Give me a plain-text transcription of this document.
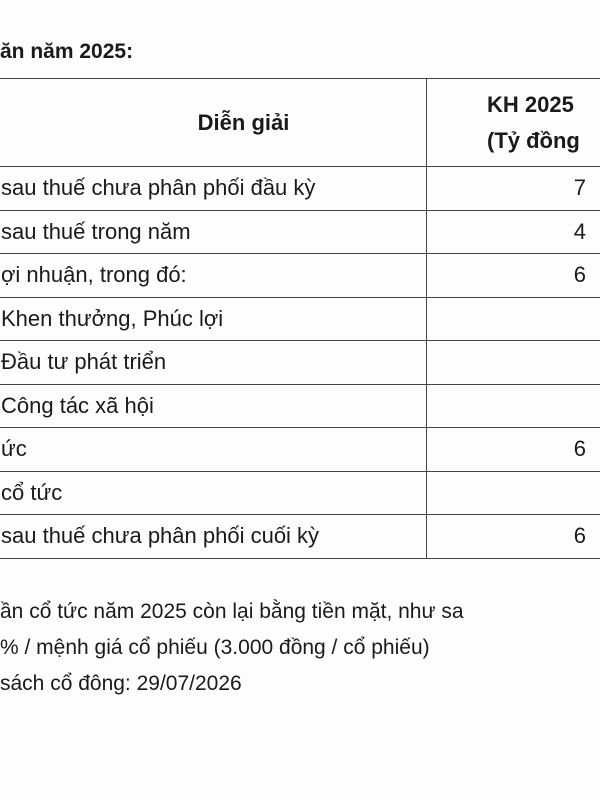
ăn năm 2025:
Diễn giải	KH 2025
(Tỷ đồng

sau thuế chưa phân phối đầu kỳ	7
sau thuế trong năm	4
ợi nhuận, trong đó:	6
Khen thưởng, Phúc lợi	
Đầu tư phát triển	
Công tác xã hội	
ức	6
cổ tức	
sau thuế chưa phân phối cuối kỳ	6
ần cổ tức năm 2025 còn lại bằng tiền mặt, như sa
% / mệnh giá cổ phiếu (3.000 đồng / cổ phiếu)
sách cổ đông: 29/07/2026
